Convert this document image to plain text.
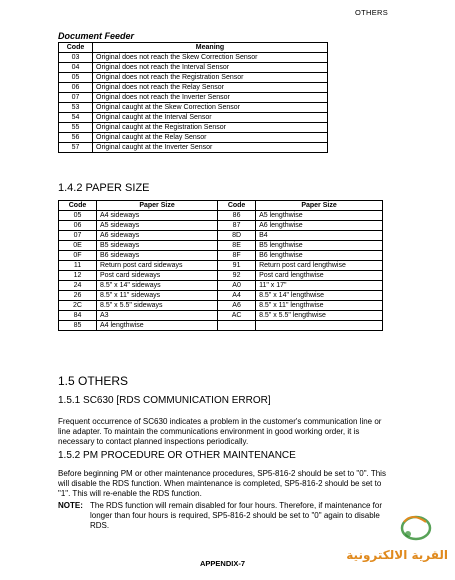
OTHERS
Document Feeder
Code	Meaning
03	Original does not reach the Skew Correction Sensor
04	Original does not reach the Interval Sensor
05	Original does not reach the Registration Sensor
06	Original does not reach the Relay Sensor
07	Original does not reach the Inverter Sensor
53	Original caught at the Skew Correction Sensor
54	Original caught at the Interval Sensor
55	Original caught at the Registration Sensor
56	Original caught at the Relay Sensor
57	Original caught at the Inverter Sensor
1.4.2 PAPER SIZE
Code	Paper Size	Code	Paper Size
05	A4 sideways	86	A5 lengthwise
06	A5 sideways	87	A6 lengthwise
07	A6 sideways	8D	B4
0E	B5 sideways	8E	B5 lengthwise
0F	B6 sideways	8F	B6 lengthwise
11	Return post card sideways	91	Return post card lengthwise
12	Post card sideways	92	Post card lengthwise
24	8.5" x 14" sideways	A0	11" x 17"
26	8.5" x 11" sideways	A4	8.5" x 14" lengthwise
2C	8.5" x 5.5" sideways	A6	8.5" x 11" lengthwise
84	A3	AC	8.5" x 5.5" lengthwise
85	A4 lengthwise		
1.5 OTHERS
1.5.1 SC630 [RDS COMMUNICATION ERROR]
Frequent occurrence of SC630 indicates a problem in the customer's communication line or line adapter. To maintain the communications environment in good working order, it is necessary to contact planned inspections periodically.
1.5.2 PM PROCEDURE OR OTHER MAINTENANCE
Before beginning PM or other maintenance procedures, SP5-816-2 should be set to "0". This will disable the RDS function. When maintenance is completed, SP5-816-2 should be set to "1". This will re-enable the RDS function.
NOTE: The RDS function will remain disabled for four hours. Therefore, if maintenance for longer than four hours is required, SP5-816-2 should be set to "0" again to disable RDS.
القرية الالكترونية
APPENDIX-7
